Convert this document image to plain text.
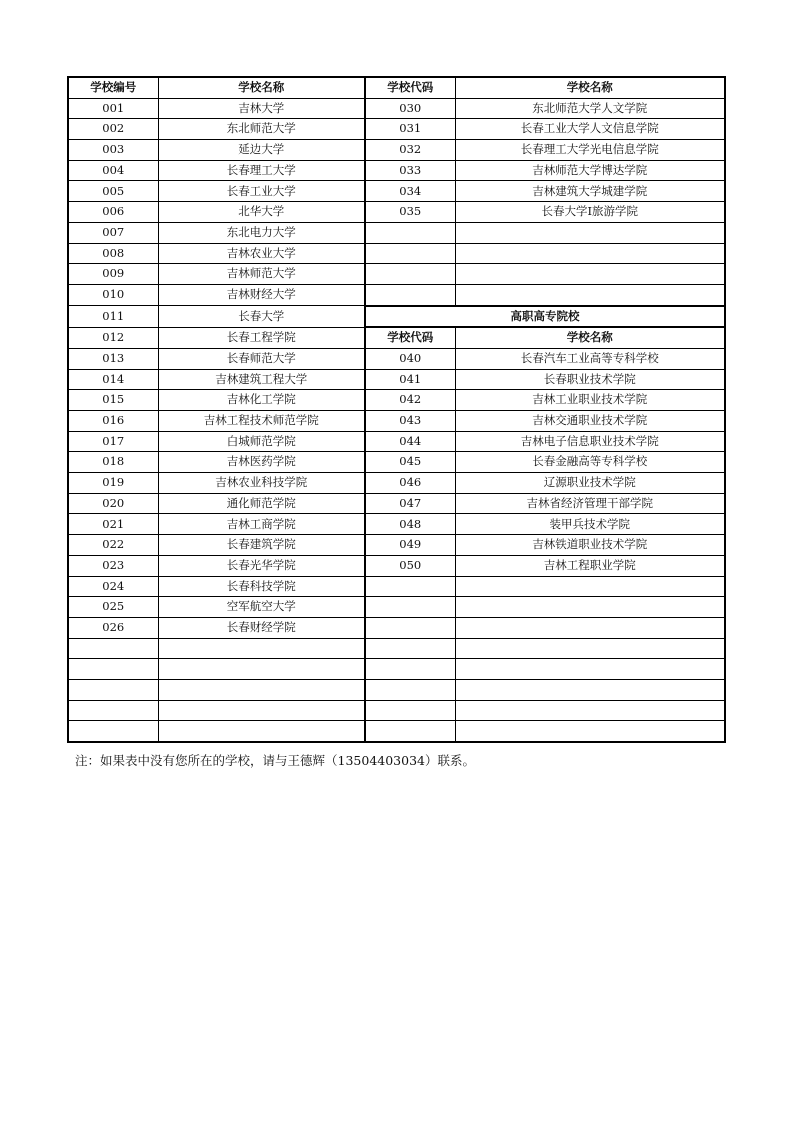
学校编号	学校名称	学校代码	学校名称
001	吉林大学	030	东北师范大学人文学院
002	东北师范大学	031	长春工业大学人文信息学院
003	延边大学	032	长春理工大学光电信息学院
004	长春理工大学	033	吉林师范大学博达学院
005	长春工业大学	034	吉林建筑大学城建学院
006	北华大学	035	长春大学Ⅰ旅游学院
007	东北电力大学		
008	吉林农业大学		
009	吉林师范大学		
010	吉林财经大学		
011	长春大学	高职高专院校	
012	长春工程学院	学校代码	学校名称
013	长春师范大学	040	长春汽车工业高等专科学校
014	吉林建筑工程大学	041	长春职业技术学院
015	吉林化工学院	042	吉林工业职业技术学院
016	吉林工程技术师范学院	043	吉林交通职业技术学院
017	白城师范学院	044	吉林电子信息职业技术学院
018	吉林医药学院	045	长春金融高等专科学校
019	吉林农业科技学院	046	辽源职业技术学院
020	通化师范学院	047	吉林省经济管理干部学院
021	吉林工商学院	048	装甲兵技术学院
022	长春建筑学院	049	吉林铁道职业技术学院
023	长春光华学院	050	吉林工程职业学院
024	长春科技学院		
025	空军航空大学		
026	长春财经学院		

注：如果表中没有您所在的学校，请与王德辉（13504403034）联系。
